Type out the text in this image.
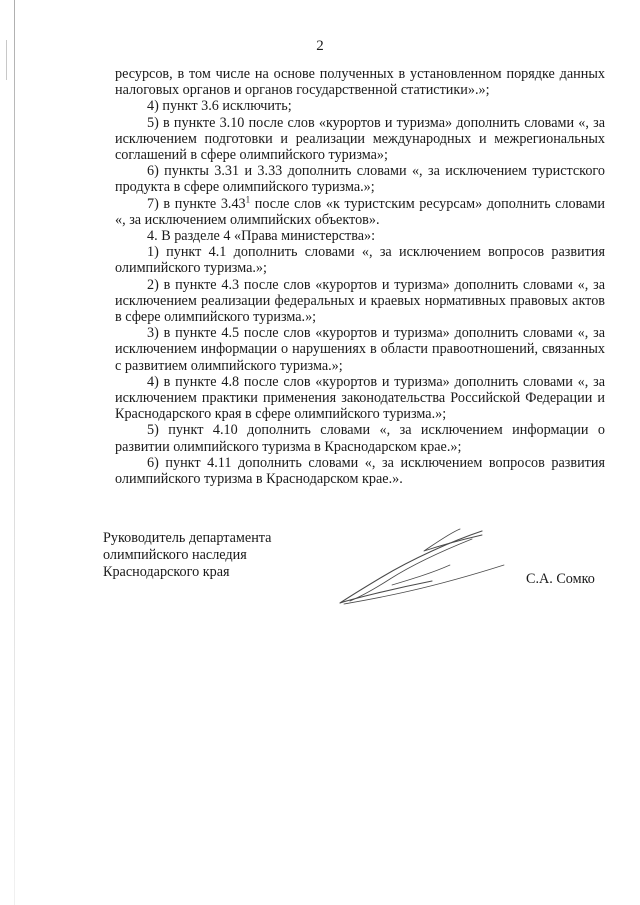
2

ресурсов, в том числе на основе полученных в установленном порядке данных налоговых органов и органов государственной статистики».»;

4) пункт 3.6 исключить;

5) в пункте 3.10 после слов «курортов и туризма» дополнить словами «, за исключением подготовки и реализации международных и межрегиональных соглашений в сфере олимпийского туризма»;

6) пункты 3.31 и 3.33 дополнить словами «, за исключением туристского продукта в сфере олимпийского туризма.»;

7) в пункте 3.43$^1$ после слов «к туристским ресурсам» дополнить словами «, за исключением олимпийских объектов».

4. В разделе 4 «Права министерства»:

1) пункт 4.1 дополнить словами «, за исключением вопросов развития олимпийского туризма.»;

2) в пункте 4.3 после слов «курортов и туризма» дополнить словами «, за исключением реализации федеральных и краевых нормативных правовых актов в сфере олимпийского туризма.»;

3) в пункте 4.5 после слов «курортов и туризма» дополнить словами «, за исключением информации о нарушениях в области правоотношений, связанных с развитием олимпийского туризма.»;

4) в пункте 4.8 после слов «курортов и туризма» дополнить словами «, за исключением практики применения законодательства Российской Федерации и Краснодарского края в сфере олимпийского туризма.»;

5) пункт 4.10 дополнить словами «, за исключением информации о развитии олимпийского туризма в Краснодарском крае.»;

6) пункт 4.11 дополнить словами «, за исключением вопросов развития олимпийского туризма в Краснодарском крае.».

Руководитель департамента
олимпийского наследия
Краснодарского края	С.А. Сомко
